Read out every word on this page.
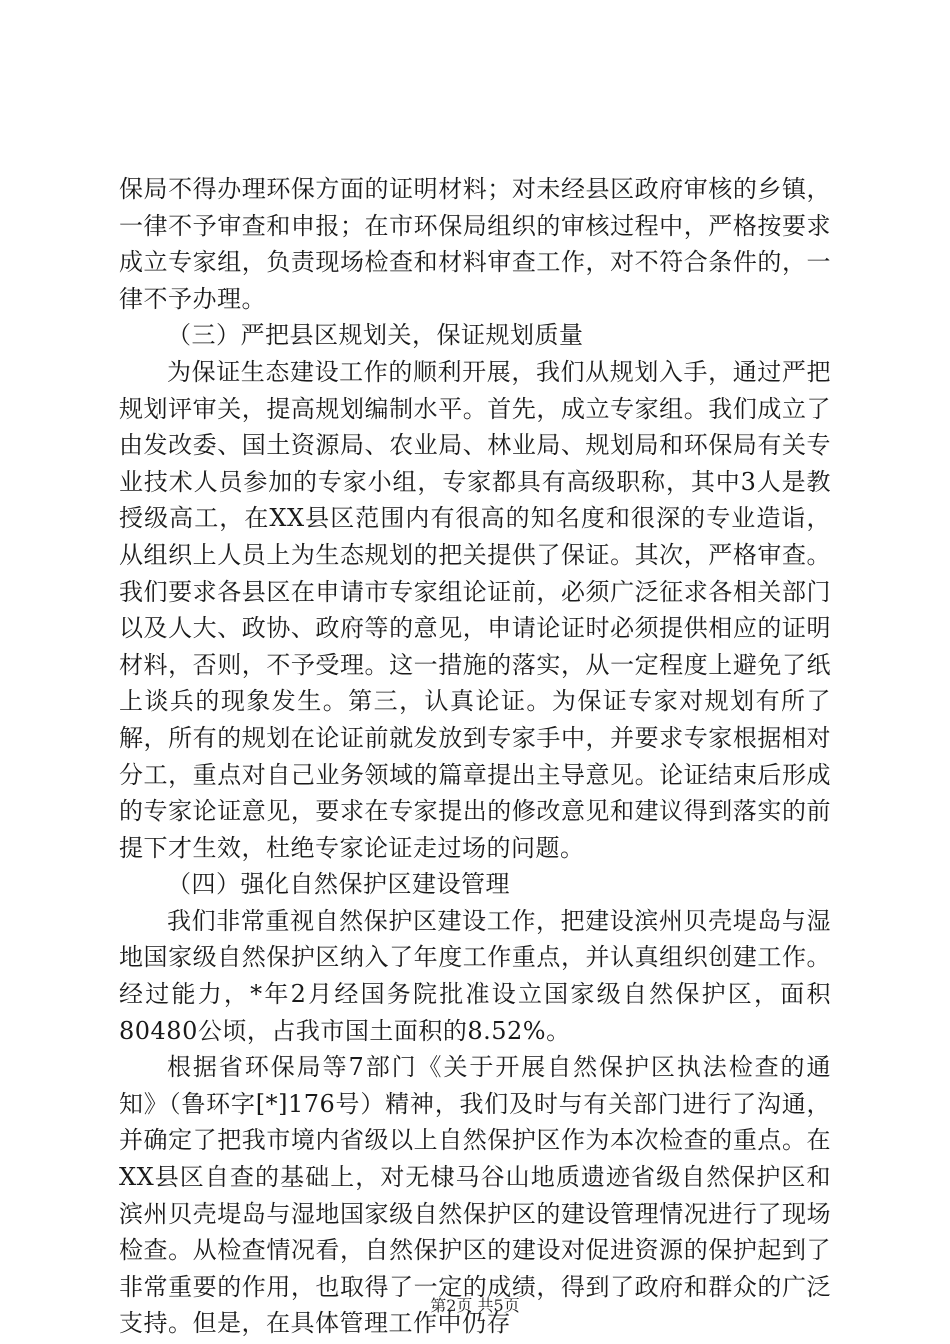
保局不得办理环保方面的证明材料；对未经县区政府审核的乡镇，一律不予审查和申报；在市环保局组织的审核过程中，严格按要求成立专家组，负责现场检查和材料审查工作，对不符合条件的，一律不予办理。

（三）严把县区规划关，保证规划质量

为保证生态建设工作的顺利开展，我们从规划入手，通过严把规划评审关，提高规划编制水平。首先，成立专家组。我们成立了由发改委、国土资源局、农业局、林业局、规划局和环保局有关专业技术人员参加的专家小组，专家都具有高级职称，其中3人是教授级高工，在XX县区范围内有很高的知名度和很深的专业造诣，从组织上人员上为生态规划的把关提供了保证。其次，严格审查。我们要求各县区在申请市专家组论证前，必须广泛征求各相关部门以及人大、政协、政府等的意见，申请论证时必须提供相应的证明材料，否则，不予受理。这一措施的落实，从一定程度上避免了纸上谈兵的现象发生。第三，认真论证。为保证专家对规划有所了解，所有的规划在论证前就发放到专家手中，并要求专家根据相对分工，重点对自己业务领域的篇章提出主导意见。论证结束后形成的专家论证意见，要求在专家提出的修改意见和建议得到落实的前提下才生效，杜绝专家论证走过场的问题。

（四）强化自然保护区建设管理

我们非常重视自然保护区建设工作，把建设滨州贝壳堤岛与湿地国家级自然保护区纳入了年度工作重点，并认真组织创建工作。经过能力，*年2月经国务院批准设立国家级自然保护区，面积80480公顷，占我市国土面积的8.52%。

根据省环保局等7部门《关于开展自然保护区执法检查的通知》（鲁环字[*]176号）精神，我们及时与有关部门进行了沟通，并确定了把我市境内省级以上自然保护区作为本次检查的重点。在XX县区自查的基础上，对无棣马谷山地质遗迹省级自然保护区和滨州贝壳堤岛与湿地国家级自然保护区的建设管理情况进行了现场检查。从检查情况看，自然保护区的建设对促进资源的保护起到了非常重要的作用，也取得了一定的成绩，得到了政府和群众的广泛支持。但是，在具体管理工作中仍存

第2页 共5页
